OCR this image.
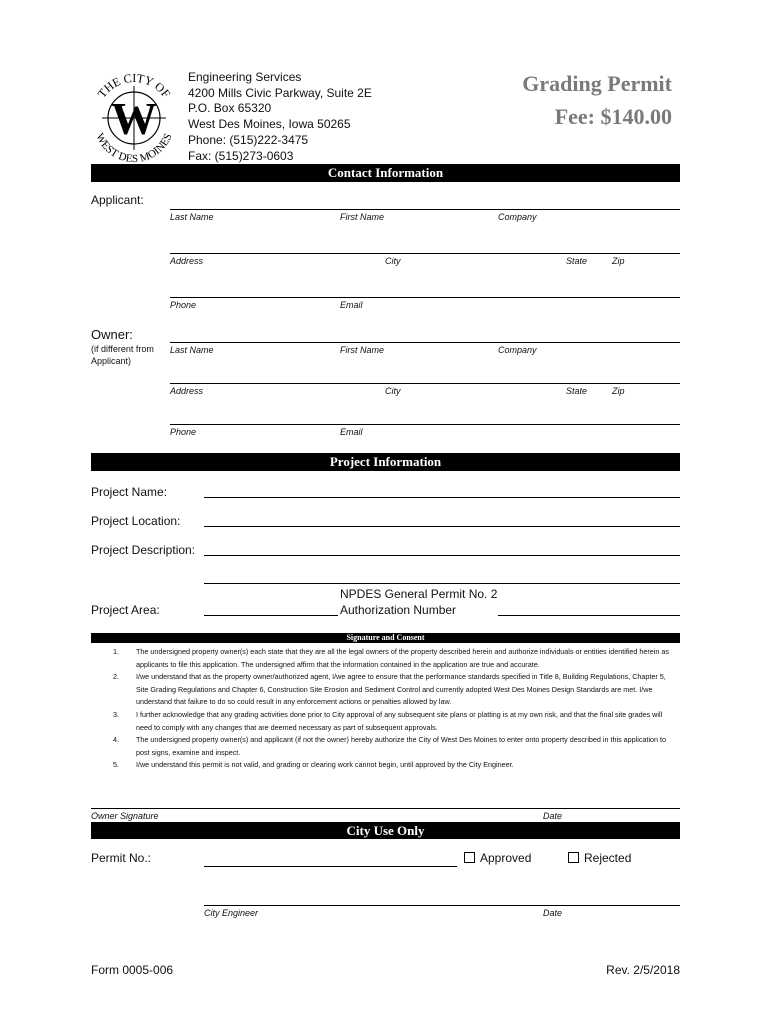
W
THE CITY OF
WEST DES MOINES
Engineering Services
4200 Mills Civic Parkway, Suite 2E
P.O. Box 65320
West Des Moines, Iowa 50265
Phone: (515)222-3475
Fax: (515)273-0603
Grading Permit
Fee: $140.00
Contact Information
Applicant:
Last Name	First Name	Company
Address	City	State	Zip
Phone	Email
Owner:
(if different from
Applicant)
Last Name	First Name	Company
Address	City	State	Zip
Phone	Email
Project Information
Project Name:
Project Location:
Project Description:
NPDES General Permit No. 2
Project Area:	Authorization Number
Signature and Consent
1. The undersigned property owner(s) each state that they are all the legal owners of the property described herein and authorize individuals or entities identified herein as applicants to file this application. The undersigned affirm that the information contained in the application are true and accurate.
2. I/we understand that as the property owner/authorized agent, I/we agree to ensure that the performance standards specified in Title 8, Building Regulations, Chapter 5, Site Grading Regulations and Chapter 6, Construction Site Erosion and Sediment Control and currently adopted West Des Moines Design Standards are met. I/we understand that failure to do so could result in any enforcement actions or penalties allowed by law.
3. I further acknowledge that any grading activities done prior to City approval of any subsequent site plans or platting is at my own risk, and that the final site grades will need to comply with any changes that are deemed necessary as part of subsequent approvals.
4. The undersigned property owner(s) and applicant (if not the owner) hereby authorize the City of West Des Moines to enter onto property described in this application to post signs, examine and inspect.
5. I/we understand this permit is not valid, and grading or clearing work cannot begin, until approved by the City Engineer.
Owner Signature	Date
City Use Only
Permit No.:	Approved	Rejected
City Engineer	Date
Form 0005-006	Rev. 2/5/2018
